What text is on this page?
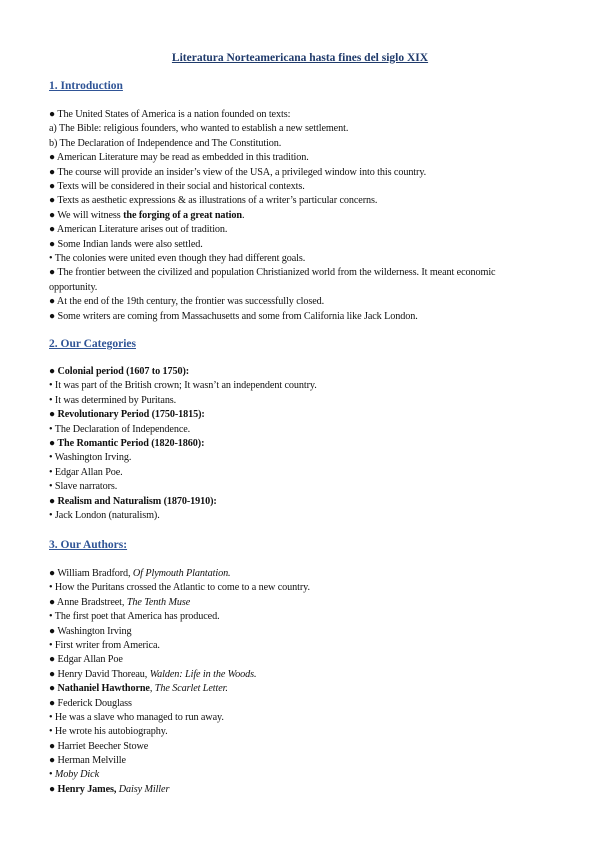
Literatura Norteamericana hasta fines del siglo XIX
1. Introduction
● The United States of America is a nation founded on texts:
a) The Bible: religious founders, who wanted to establish a new settlement.
b) The Declaration of Independence and The Constitution.
● American Literature may be read as embedded in this tradition.
● The course will provide an insider’s view of the USA, a privileged window into this country.
● Texts will be considered in their social and historical contexts.
● Texts as aesthetic expressions & as illustrations of a writer’s particular concerns.
● We will witness the forging of a great nation.
● American Literature arises out of tradition.
● Some Indian lands were also settled.
• The colonies were united even though they had different goals.
● The frontier between the civilized and population Christianized world from the wilderness. It meant economic opportunity.
● At the end of the 19th century, the frontier was successfully closed.
● Some writers are coming from Massachusetts and some from California like Jack London.
2. Our Categories
● Colonial period (1607 to 1750):
• It was part of the British crown; It wasn’t an independent country.
• It was determined by Puritans.
● Revolutionary Period (1750-1815):
• The Declaration of Independence.
● The Romantic Period (1820-1860):
• Washington Irving.
• Edgar Allan Poe.
• Slave narrators.
● Realism and Naturalism (1870-1910):
• Jack London (naturalism).
3. Our Authors:
● William Bradford, Of Plymouth Plantation.
• How the Puritans crossed the Atlantic to come to a new country.
● Anne Bradstreet, The Tenth Muse
• The first poet that America has produced.
● Washington Irving
• First writer from America.
● Edgar Allan Poe
● Henry David Thoreau, Walden: Life in the Woods.
● Nathaniel Hawthorne, The Scarlet Letter.
● Federick Douglass
• He was a slave who managed to run away.
• He wrote his autobiography.
● Harriet Beecher Stowe
● Herman Melville
• Moby Dick
● Henry James, Daisy Miller
